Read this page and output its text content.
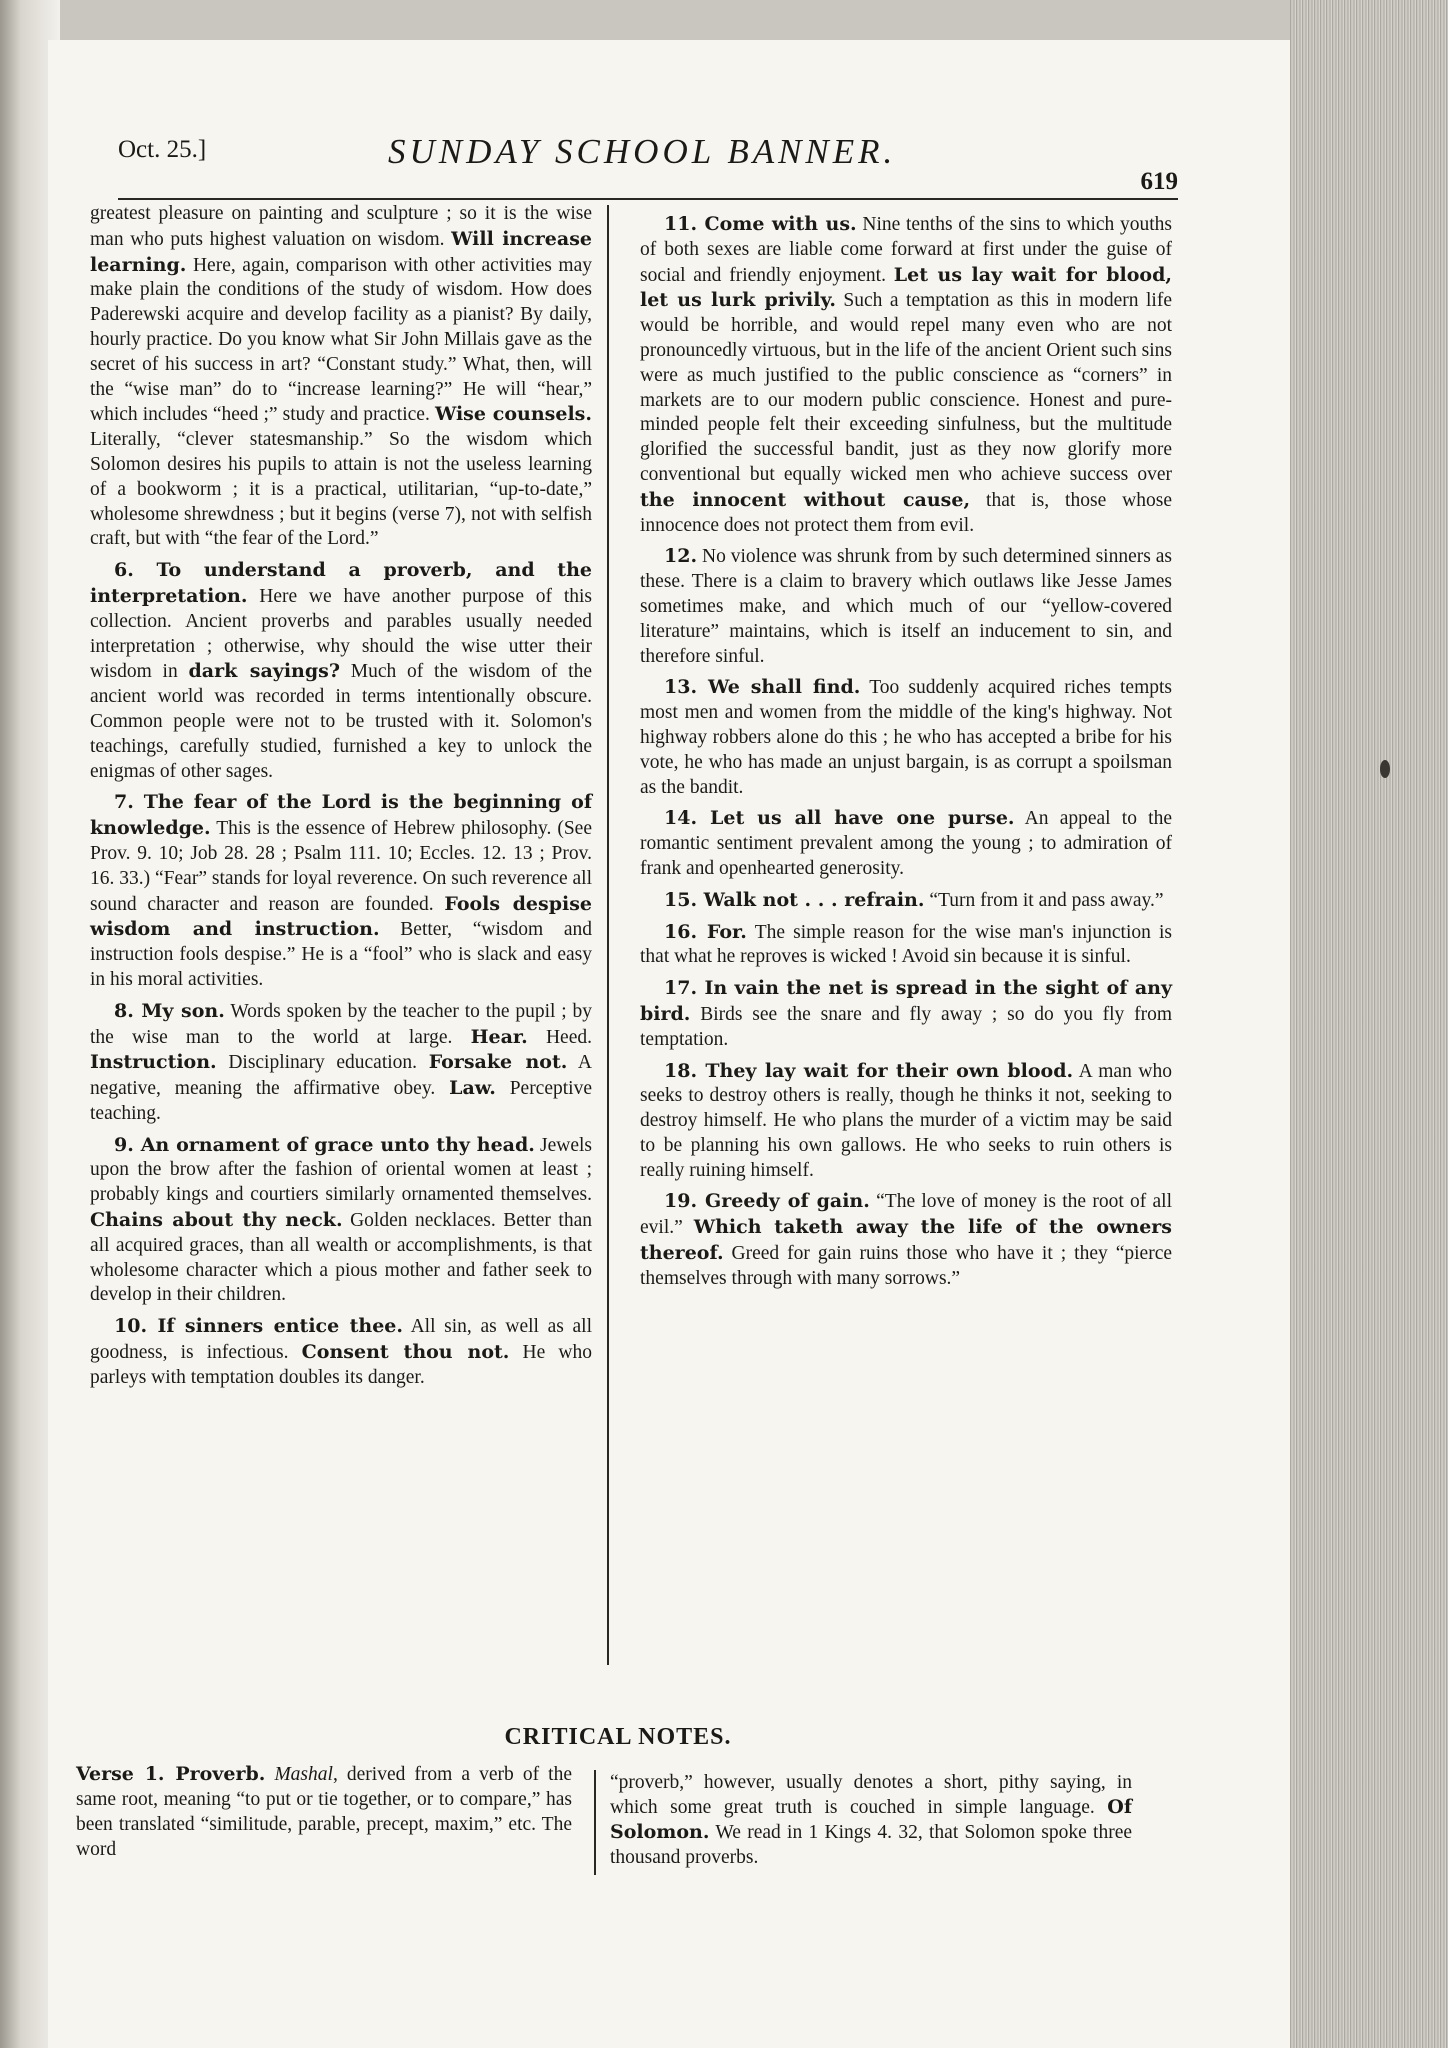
Oct. 25.]	SUNDAY SCHOOL BANNER.
619

greatest pleasure on painting and sculpture ; so it is the wise man who puts highest valuation on wisdom. Will increase learning. Here, again, comparison with other activities may make plain the conditions of the study of wisdom. How does Paderewski acquire and develop facility as a pianist? By daily, hourly practice. Do you know what Sir John Millais gave as the secret of his success in art? “Constant study.” What, then, will the “wise man” do to “increase learning?” He will “hear,” which includes “heed ;” study and practice. Wise counsels. Literally, “clever statesmanship.” So the wisdom which Solomon desires his pupils to attain is not the useless learning of a bookworm ; it is a practical, utilitarian, “up-to-date,” wholesome shrewdness ; but it begins (verse 7), not with selfish craft, but with “the fear of the Lord.”

6. To understand a proverb, and the interpretation. Here we have another purpose of this collection. Ancient proverbs and parables usually needed interpretation ; otherwise, why should the wise utter their wisdom in dark sayings? Much of the wisdom of the ancient world was recorded in terms intentionally obscure. Common people were not to be trusted with it. Solomon's teachings, carefully studied, furnished a key to unlock the enigmas of other sages.

7. The fear of the Lord is the beginning of knowledge. This is the essence of Hebrew philosophy. (See Prov. 9. 10; Job 28. 28 ; Psalm 111. 10; Eccles. 12. 13 ; Prov. 16. 33.) “Fear” stands for loyal reverence. On such reverence all sound character and reason are founded. Fools despise wisdom and instruction. Better, “wisdom and instruction fools despise.” He is a “fool” who is slack and easy in his moral activities.

8. My son. Words spoken by the teacher to the pupil ; by the wise man to the world at large. Hear. Heed. Instruction. Disciplinary education. Forsake not. A negative, meaning the affirmative obey. Law. Perceptive teaching.

9. An ornament of grace unto thy head. Jewels upon the brow after the fashion of oriental women at least ; probably kings and courtiers similarly ornamented themselves. Chains about thy neck. Golden necklaces. Better than all acquired graces, than all wealth or accomplishments, is that wholesome character which a pious mother and father seek to develop in their children.

10. If sinners entice thee. All sin, as well as all goodness, is infectious. Consent thou not. He who parleys with temptation doubles its danger.

11. Come with us. Nine tenths of the sins to which youths of both sexes are liable come forward at first under the guise of social and friendly enjoyment. Let us lay wait for blood, let us lurk privily. Such a temptation as this in modern life would be horrible, and would repel many even who are not pronouncedly virtuous, but in the life of the ancient Orient such sins were as much justified to the public conscience as “corners” in markets are to our modern public conscience. Honest and pure-minded people felt their exceeding sinfulness, but the multitude glorified the successful bandit, just as they now glorify more conventional but equally wicked men who achieve success over the innocent without cause, that is, those whose innocence does not protect them from evil.

12. No violence was shrunk from by such determined sinners as these. There is a claim to bravery which outlaws like Jesse James sometimes make, and which much of our “yellow-covered literature” maintains, which is itself an inducement to sin, and therefore sinful.

13. We shall find. Too suddenly acquired riches tempts most men and women from the middle of the king's highway. Not highway robbers alone do this ; he who has accepted a bribe for his vote, he who has made an unjust bargain, is as corrupt a spoilsman as the bandit.

14. Let us all have one purse. An appeal to the romantic sentiment prevalent among the young ; to admiration of frank and openhearted generosity.

15. Walk not . . . refrain. “Turn from it and pass away.”

16. For. The simple reason for the wise man's injunction is that what he reproves is wicked ! Avoid sin because it is sinful.

17. In vain the net is spread in the sight of any bird. Birds see the snare and fly away ; so do you fly from temptation.

18. They lay wait for their own blood. A man who seeks to destroy others is really, though he thinks it not, seeking to destroy himself. He who plans the murder of a victim may be said to be planning his own gallows. He who seeks to ruin others is really ruining himself.

19. Greedy of gain. “The love of money is the root of all evil.” Which taketh away the life of the owners thereof. Greed for gain ruins those who have it ; they “pierce themselves through with many sorrows.”

CRITICAL NOTES.
Verse 1. Proverb. Mashal, derived from a verb of the same root, meaning “to put or tie together, or to compare,” has been translated “similitude, parable, precept, maxim,” etc. The word
“proverb,” however, usually denotes a short, pithy saying, in which some great truth is couched in simple language. Of Solomon. We read in 1 Kings 4. 32, that Solomon spoke three thousand proverbs.
